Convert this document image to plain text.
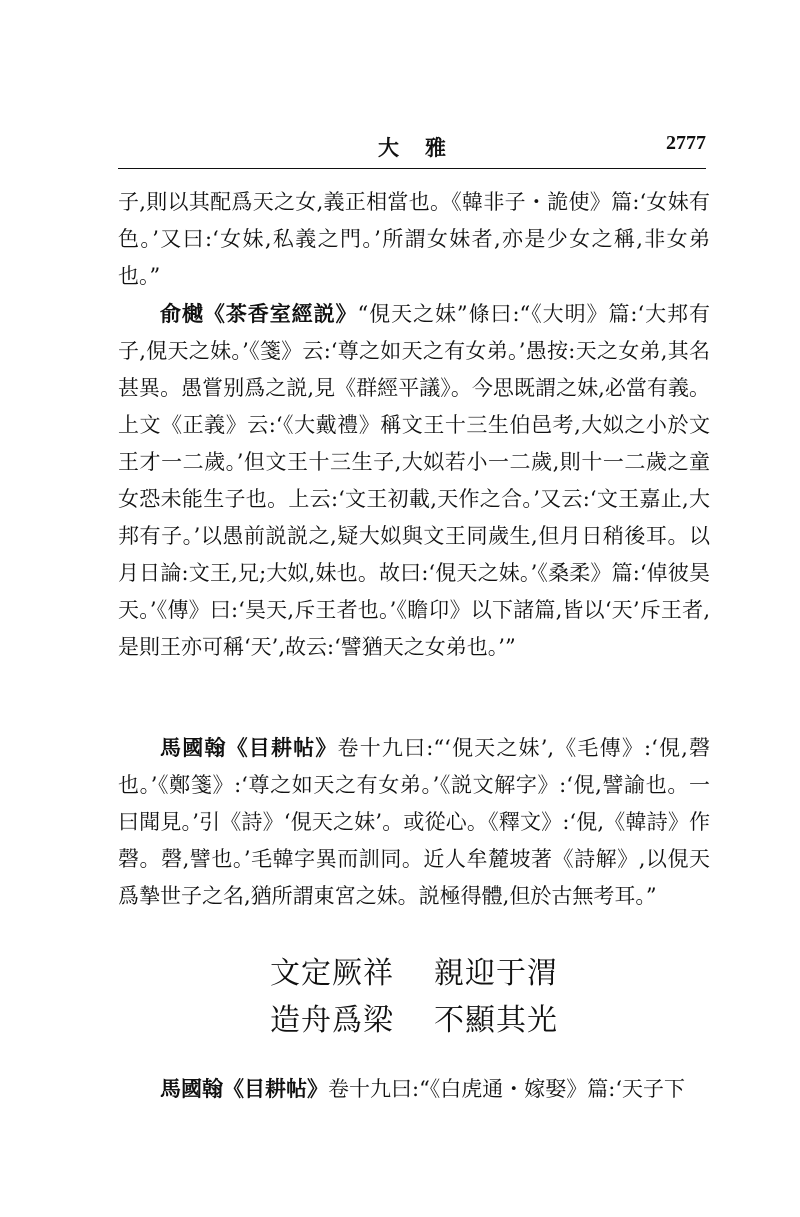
大雅	2777
子,則以其配爲天之女,義正相當也。《韓非子・詭使》篇:‘女妹有色。’又曰:‘女妹,私義之門。’所謂女妹者,亦是少女之稱,非女弟也。”
俞樾《茶香室經説》“俔天之妹”條曰:“《大明》篇:‘大邦有子,俔天之妹。’《箋》云:‘尊之如天之有女弟。’愚按:天之女弟,其名甚異。愚嘗别爲之説,見《群經平議》。今思既謂之妹,必當有義。上文《正義》云:‘《大戴禮》稱文王十三生伯邑考,大姒之小於文王才一二歲。’但文王十三生子,大姒若小一二歲,則十一二歲之童女恐未能生子也。上云:‘文王初載,天作之合。’又云:‘文王嘉止,大邦有子。’以愚前説説之,疑大姒與文王同歲生,但月日稍後耳。以月日論:文王,兄;大姒,妹也。故曰:‘俔天之妹。’《桑柔》篇:‘倬彼昊天。’《傳》曰:‘昊天,斥王者也。’《瞻卬》以下諸篇,皆以‘天’斥王者,是則王亦可稱‘天’,故云:‘譬猶天之女弟也。’”
馬國翰《目耕帖》卷十九曰:“‘俔天之妹’,《毛傳》:‘俔,磬也。’《鄭箋》:‘尊之如天之有女弟。’《説文解字》:‘俔,譬諭也。一曰聞見。’引《詩》‘俔天之妹’。或從心。《釋文》:‘俔,《韓詩》作磬。磬,譬也。’毛韓字異而訓同。近人牟麓坡著《詩解》,以俔天爲摯世子之名,猶所謂東宮之妹。説極得體,但於古無考耳。”
文定厥祥 親迎于渭
造舟爲梁 不顯其光
馬國翰《目耕帖》卷十九曰:“《白虎通・嫁娶》篇:‘天子下
